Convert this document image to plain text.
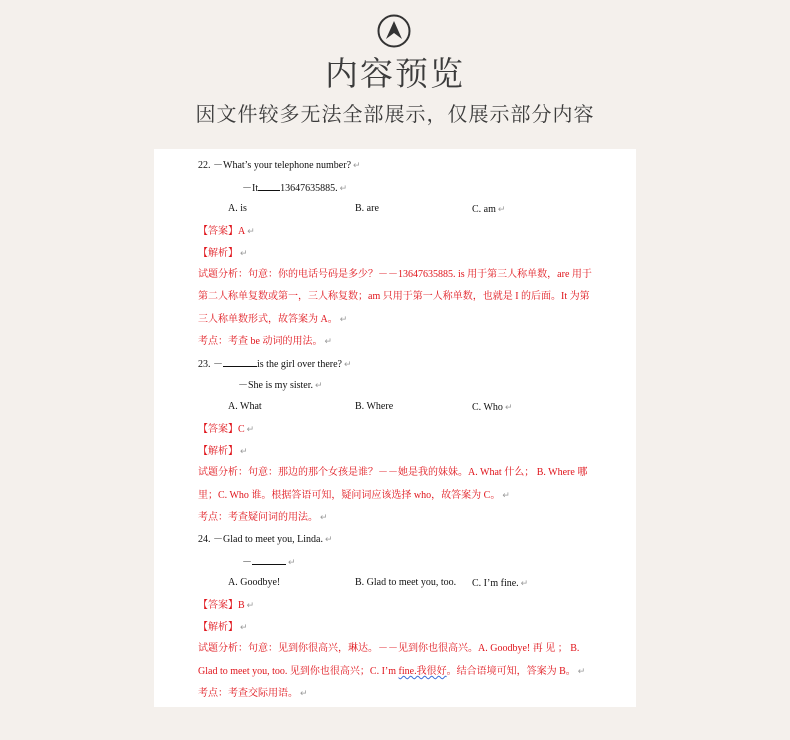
内容预览
因文件较多无法全部展示，仅展示部分内容
22. －What’s your telephone number? ↵
－It 13647635885. ↵
A. is	B. are	C. am ↵
【答案】A ↵
【解析】 ↵
试题分析：句意：你的电话号码是多少？－－13647635885. is 用于第三人称单数，are 用于
第二人称单复数或第一，三人称复数；am 只用于第一人称单数，也就是 I 的后面。It 为第
三人称单数形式，故答案为 A。 ↵
考点：考查 be 动词的用法。 ↵
23. －	is the girl over there? ↵
－She is my sister. ↵
A. What	B. Where	C. Who ↵
【答案】C ↵
【解析】 ↵
试题分析：句意：那边的那个女孩是谁？－－她是我的妹妹。A. What 什么； B. Where 哪
里；C. Who 谁。根据答语可知，疑问词应该选择 who，故答案为 C。 ↵
考点：考查疑问词的用法。 ↵
24. －Glad to meet you, Linda. ↵
－	↵
A. Goodbye!	B. Glad to meet you, too. C. I’m fine. ↵
【答案】B ↵
【解析】 ↵
试题分析：句意：见到你很高兴，琳达。－－见到你也很高兴。A. Goodbye! 再 见 ； B.
Glad to meet you, too. 见到你也很高兴；C. I’m fine.我很好。结合语境可知，答案为 B。 ↵
考点：考查交际用语。 ↵
